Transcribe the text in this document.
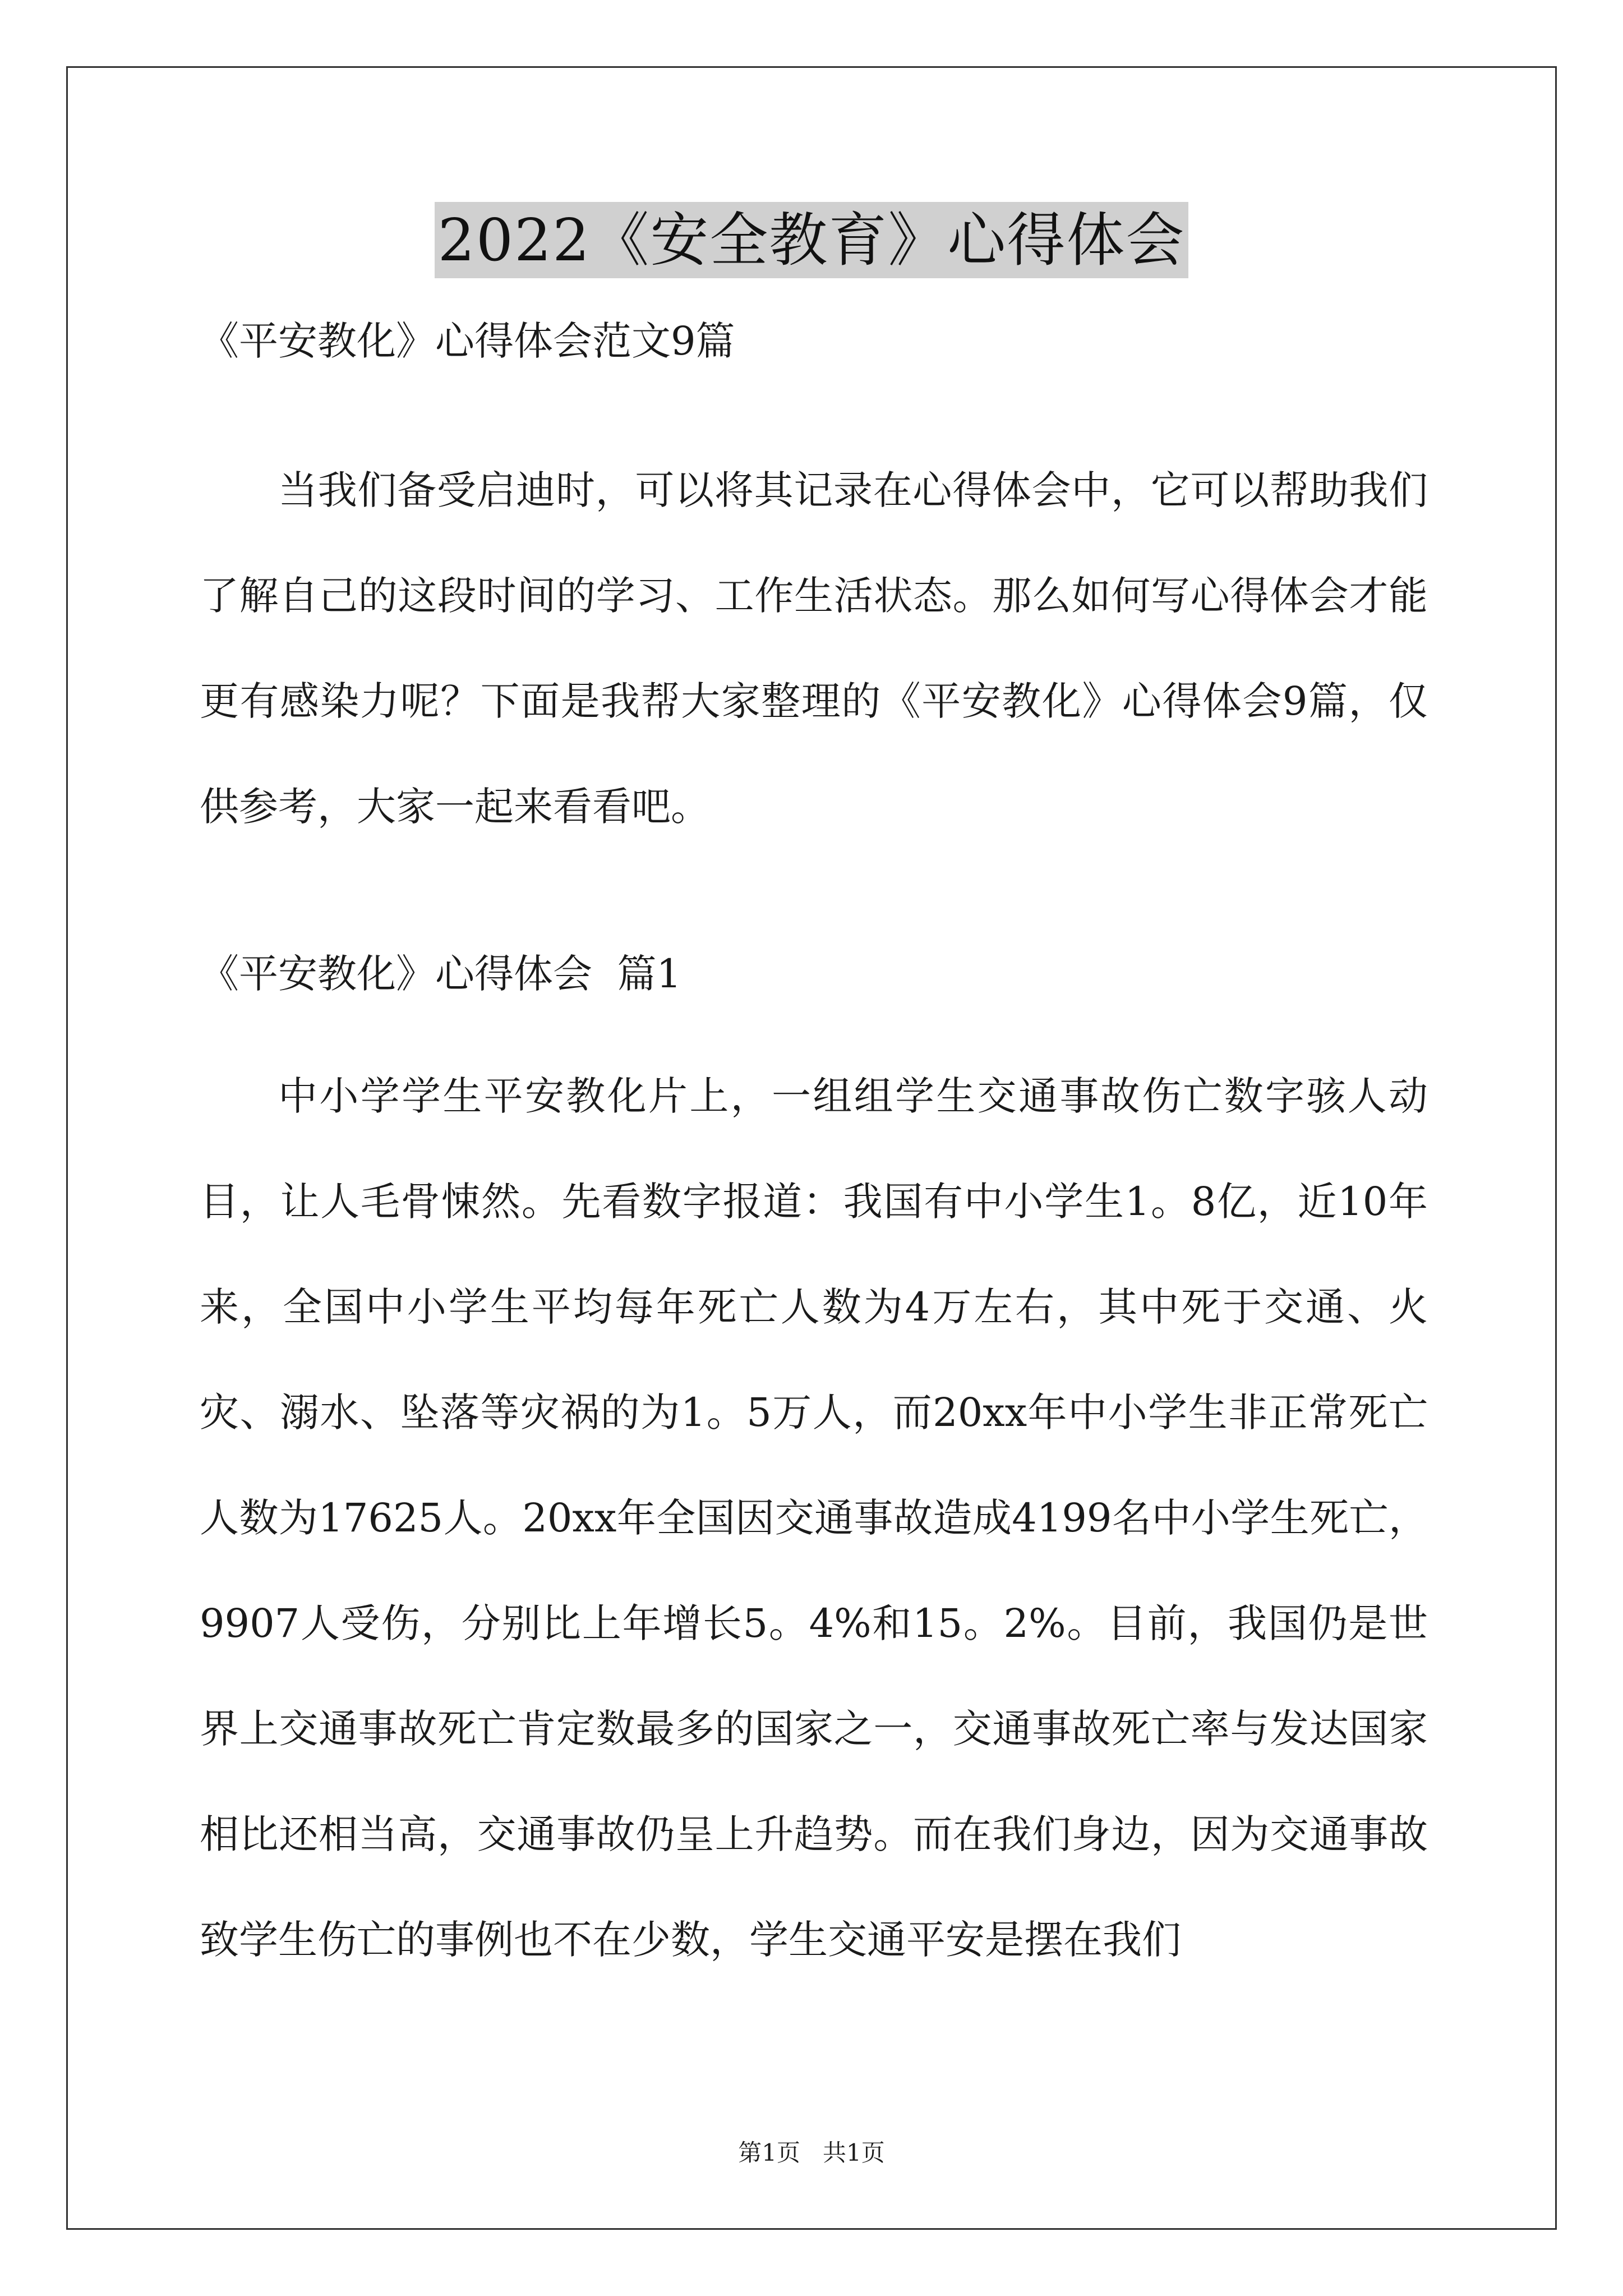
2022《安全教育》心得体会
《平安教化》心得体会范文9篇

当我们备受启迪时，可以将其记录在心得体会中，它可以帮助我们了解自己的这段时间的学习、工作生活状态。那么如何写心得体会才能更有感染力呢？下面是我帮大家整理的《平安教化》心得体会9篇，仅供参考，大家一起来看看吧。

《平安教化》心得体会  篇1

中小学学生平安教化片上，一组组学生交通事故伤亡数字骇人动目，让人毛骨悚然。先看数字报道：我国有中小学生1。8亿，近10年来，全国中小学生平均每年死亡人数为4万左右，其中死于交通、火灾、溺水、坠落等灾祸的为1。5万人，而20xx年中小学生非正常死亡人数为17625人。20xx年全国因交通事故造成4199名中小学生死亡，9907人受伤，分别比上年增长5。4%和15。2%。目前，我国仍是世界上交通事故死亡肯定数最多的国家之一，交通事故死亡率与发达国家相比还相当高，交通事故仍呈上升趋势。而在我们身边，因为交通事故致学生伤亡的事例也不在少数，学生交通平安是摆在我们

第1页   共1页
